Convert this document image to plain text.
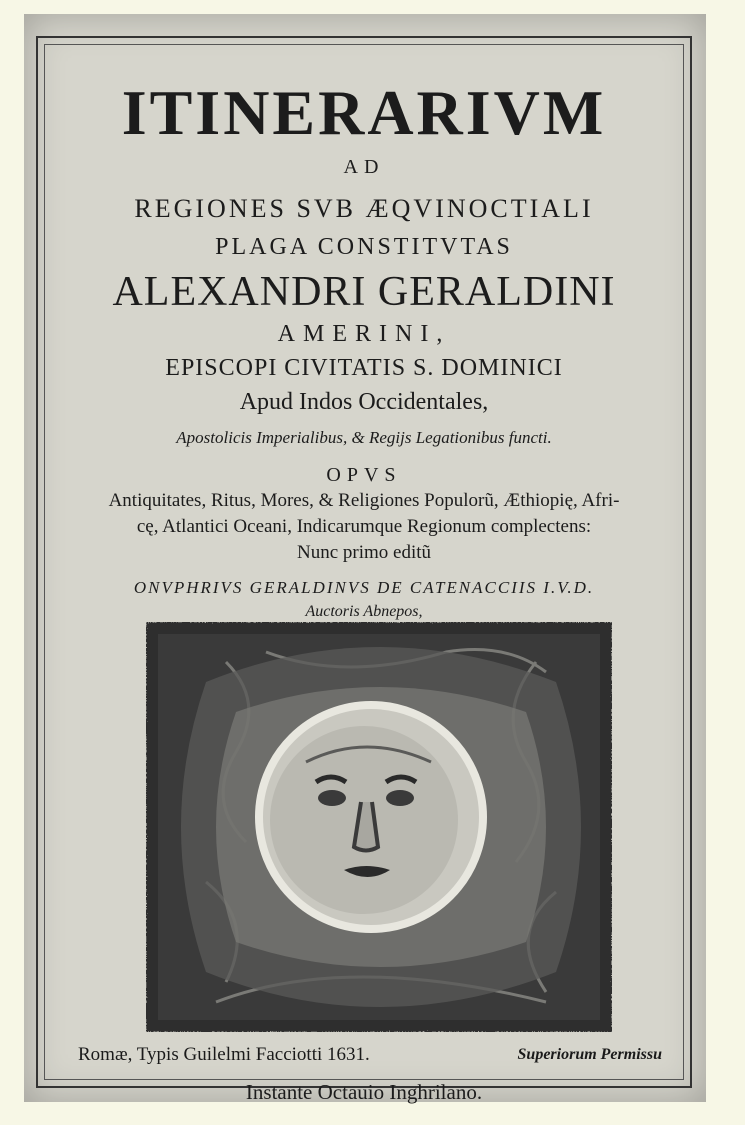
ITINERARIVM
AD
REGIONES SVB ÆQVINOCTIALI
PLAGA CONSTITVTAS
ALEXANDRI GERALDINI
AMERINI,
EPISCOPI CIVITATIS S. DOMINICI
Apud Indos Occidentales,
Apostolicis Imperialibus, & Regijs Legationibus functi.
OPVS
Antiquitates, Ritus, Mores, & Religiones Populorũ, Æthiopię, Afri-
cę, Atlantici Oceani, Indicarumque Regionum complectens:
Nunc primo editũ
ONVPHRIVS GERALDINVS DE CATENACCIIS I.V.D.
Auctoris Abnepos,
Romæ, Typis Guilelmi Facciotti 1631.	Superiorum Permissu
Instante Octauio Inghrilano.
